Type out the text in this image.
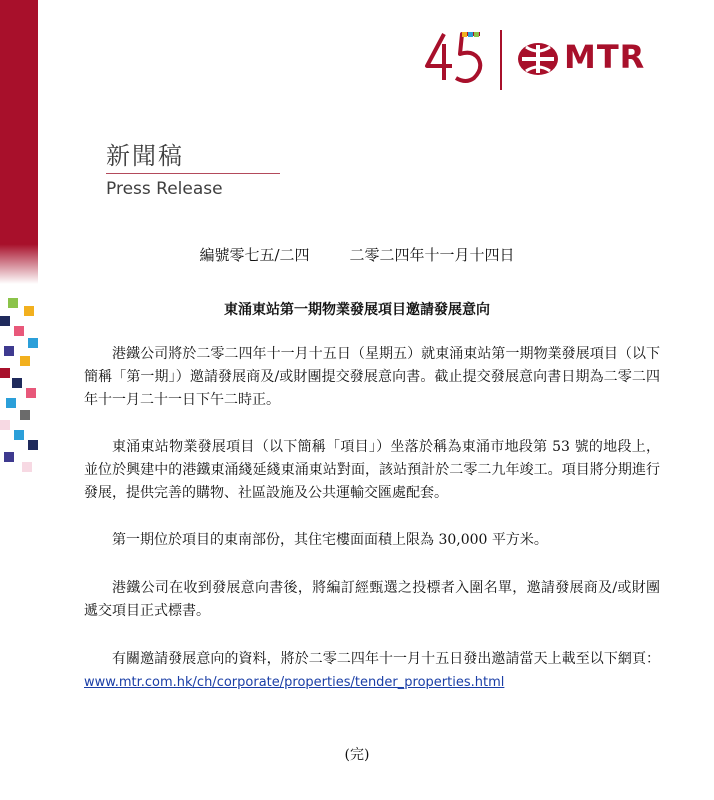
MTR
新聞稿
Press Release
編號零七五/二四	二零二四年十一月十四日
東涌東站第一期物業發展項目邀請發展意向

港鐵公司將於二零二四年十一月十五日（星期五）就東涌東站第一期物業發展項目（以下簡稱「第一期」）邀請發展商及/或財團提交發展意向書。截止提交發展意向書日期為二零二四年十一月二十一日下午二時正。

東涌東站物業發展項目（以下簡稱「項目」）坐落於稱為東涌市地段第 53 號的地段上，並位於興建中的港鐵東涌綫延綫東涌東站對面，該站預計於二零二九年竣工。項目將分期進行發展，提供完善的購物、社區設施及公共運輸交匯處配套。

第一期位於項目的東南部份，其住宅樓面面積上限為 30,000 平方米。

港鐵公司在收到發展意向書後，將編訂經甄選之投標者入圍名單，邀請發展商及/或財團遞交項目正式標書。

有關邀請發展意向的資料，將於二零二四年十一月十五日發出邀請當天上載至以下網頁：www.mtr.com.hk/ch/corporate/properties/tender_properties.html

(完)
